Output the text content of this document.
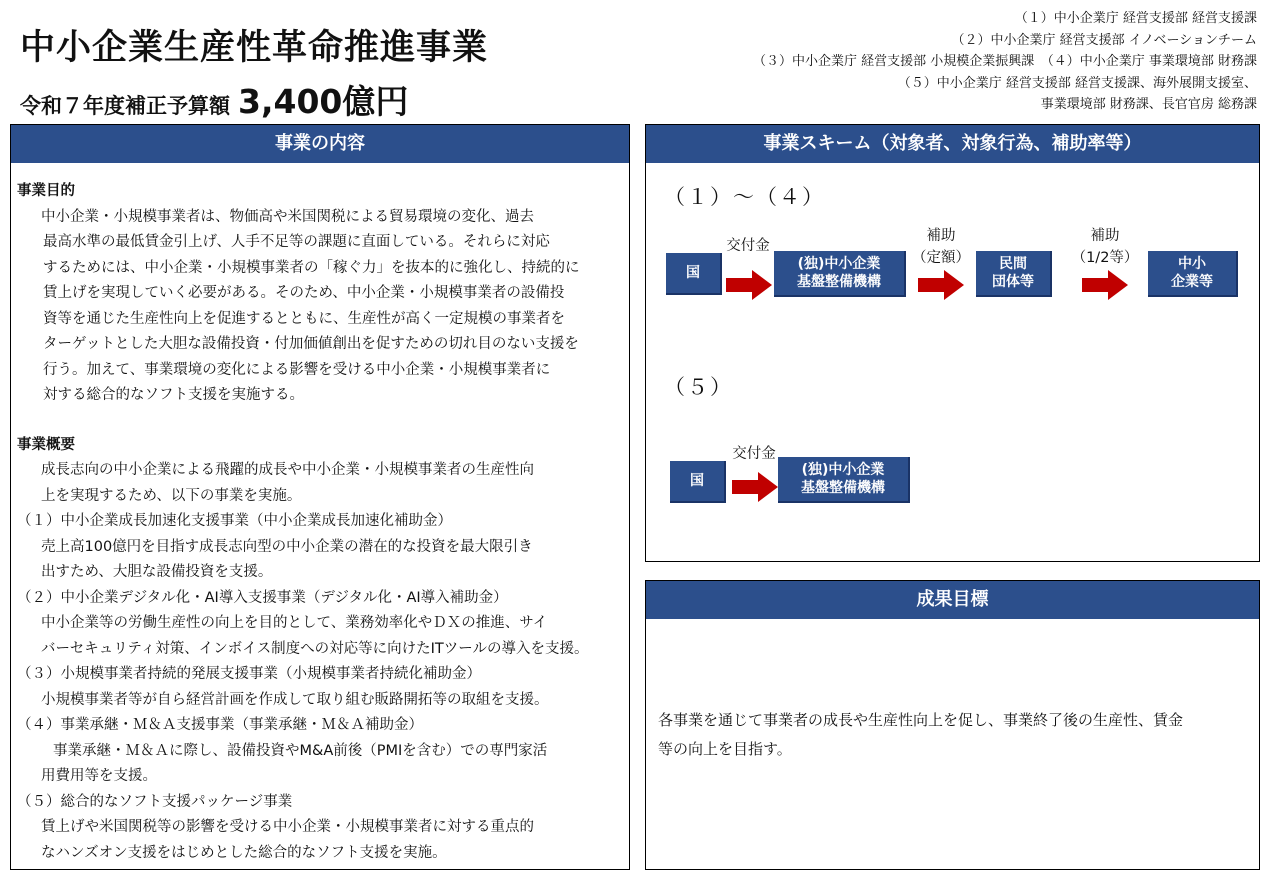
中小企業生産性革命推進事業
令和７年度補正予算額 3,400億円
（１）中小企業庁 経営支援部 経営支援課
（２）中小企業庁 経営支援部 イノベーションチーム
（３）中小企業庁 経営支援部 小規模企業振興課　（４）中小企業庁 事業環境部 財務課
（５）中小企業庁 経営支援部 経営支援課、海外展開支援室、
事業環境部 財務課、長官官房 総務課
事業の内容
事業目的
中小企業・小規模事業者は、物価高や米国関税による貿易環境の変化、過去
最高水準の最低賃金引上げ、人手不足等の課題に直面している。それらに対応
するためには、中小企業・小規模事業者の「稼ぐ力」を抜本的に強化し、持続的に
賃上げを実現していく必要がある。そのため、中小企業・小規模事業者の設備投
資等を通じた生産性向上を促進するとともに、生産性が高く一定規模の事業者を
ターゲットとした大胆な設備投資・付加価値創出を促すための切れ目のない支援を
行う。加えて、事業環境の変化による影響を受ける中小企業・小規模事業者に
対する総合的なソフト支援を実施する。
事業概要
成長志向の中小企業による飛躍的成長や中小企業・小規模事業者の生産性向
上を実現するため、以下の事業を実施。
（１）中小企業成長加速化支援事業（中小企業成長加速化補助金）
売上高100億円を目指す成長志向型の中小企業の潜在的な投資を最大限引き
出すため、大胆な設備投資を支援。
（２）中小企業デジタル化・AI導入支援事業（デジタル化・AI導入補助金）
中小企業等の労働生産性の向上を目的として、業務効率化やＤＸの推進、サイ
バーセキュリティ対策、インボイス制度への対応等に向けたITツールの導入を支援。
（３）小規模事業者持続的発展支援事業（小規模事業者持続化補助金）
小規模事業者等が自ら経営計画を作成して取り組む販路開拓等の取組を支援。
（４）事業承継・Ｍ＆Ａ支援事業（事業承継・Ｍ＆Ａ補助金）
事業承継・Ｍ＆Ａに際し、設備投資やM&A前後（PMIを含む）での専門家活
用費用等を支援。
（５）総合的なソフト支援パッケージ事業
賃上げや米国関税等の影響を受ける中小企業・小規模事業者に対する重点的
なハンズオン支援をはじめとした総合的なソフト支援を実施。
事業スキーム（対象者、対象行為、補助率等）
（１）～（４）
国
交付金
(独)中小企業
基盤整備機構
補助
（定額）	民間
団体等
補助
（1/2等）	中小
企業等
（５）
国
交付金
(独)中小企業
基盤整備機構
成果目標
各事業を通じて事業者の成長や生産性向上を促し、事業終了後の生産性、賃金
等の向上を目指す。
